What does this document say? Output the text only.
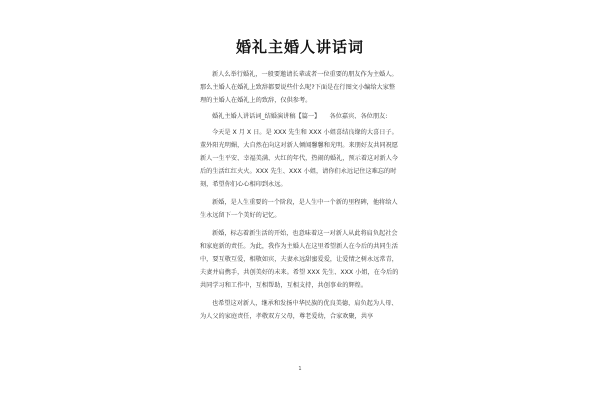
婚礼主婚人讲话词

新人么举行婚礼，一般要邀请长辈或者一位重要的朋友作为主婚人。那么主婚人在婚礼上致辞都要说些什么呢?下面是在行图文小编给大家整理的主婚人在婚礼上的致辞，仅供参考。

婚礼主婚人讲话词_结婚演讲稿【篇一】　　各位嘉宾、各位朋友:

今天是 X 月 X 日。是 XXX 先生和 XXX 小姐喜结良缘的大喜日子。董外阳光明媚，大自然在向这对新人倾闻馨馨和光明。来朋好友共同祝愿新人一生平安、幸福美满、火红的年代，热闹的婚礼，预示着这对新人今后的生活红红火火。XXX 先生、XXX 小姐，请你们永远记住这难忘的时刻，希望你们心心相印到永远。

新婚，是人生重要的一个阶段，是人生中一个新的里程碑，他将给人生永远留下一个美好的记忆。

新婚，标志着新生活的开始，也意味着这一对新人从此将肩负起社会和家庭新的责任。为此，我作为主婚人在这里希望新人在今后的共同生活中，要互敬互爱，相敬如宾，夫妻永远甜蜜爱爱，让爱情之树永远常青，夫妻并肩携手，共创美好的未来。希望 XXX 先生、XXX 小姐，在今后的共同学习和工作中，互相帮助，互相支持，共创事业的辉煌。

也希望这对新人，继承和发扬中华民族的优良美德，肩负起为人母、为人父的家庭责任，孝敬双方父母，尊老爱幼，合家欢聚，共享

1
